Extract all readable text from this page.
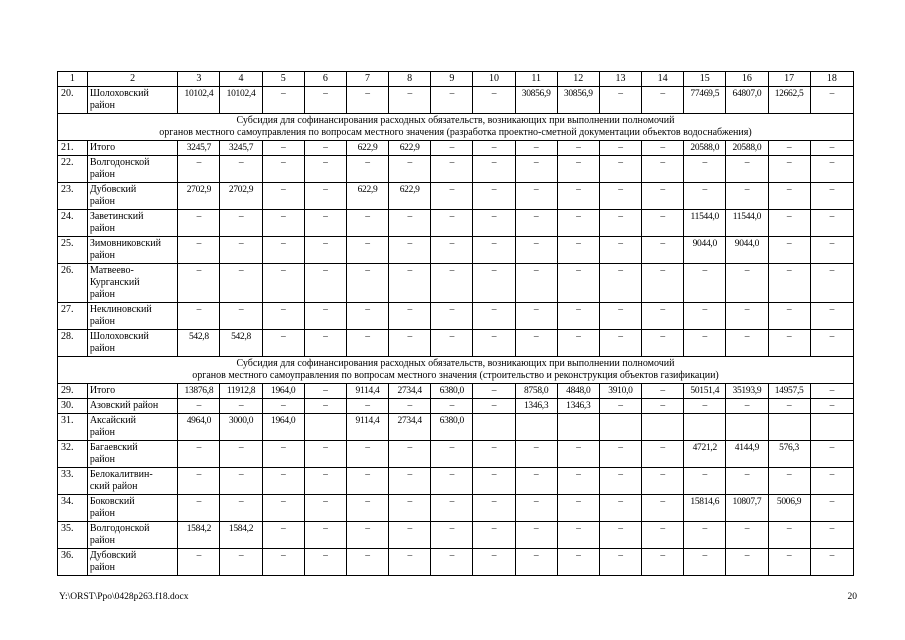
1	2	3	4	5	6	7	8	9	10	11	12	13	14	15	16	17	18
20.	Шолоховский
район	10102,4	10102,4	–	–	–	–	–	–	30856,9	30856,9	–	–	77469,5	64807,0	12662,5	–

Субсидия для софинансирования расходных обязательств, возникающих при выполнении полномочий
органов местного самоуправления по вопросам местного значения (разработка проектно-сметной документации объектов водоснабжения)																	

21.	Итого	3245,7	3245,7	–	–	622,9	622,9	–	–	–	–	–	–	20588,0	20588,0	–	–
22.	Волгодонской
район	–	–	–	–	–	–	–	–	–	–	–	–	–	–	–	–
23.	Дубовский
район	2702,9	2702,9	–	–	622,9	622,9	–	–	–	–	–	–	–	–	–	–
24.	Заветинский
район	–	–	–	–	–	–	–	–	–	–	–	–	11544,0	11544,0	–	–
25.	Зимовниковский
район	–	–	–	–	–	–	–	–	–	–	–	–	9044,0	9044,0	–	–
26.	Матвеево-
Курганский
район	–	–	–	–	–	–	–	–	–	–	–	–	–	–	–	–
27.	Неклиновский
район	–	–	–	–	–	–	–	–	–	–	–	–	–	–	–	–
28.	Шолоховский
район	542,8	542,8	–	–	–	–	–	–	–	–	–	–	–	–	–	–

Субсидия для софинансирования расходных обязательств, возникающих при выполнении полномочий
органов местного самоуправления по вопросам местного значения (строительство и реконструкция объектов газификации)																	

29.	Итого	13876,8	11912,8	1964,0	–	9114,4	2734,4	6380,0	–	8758,0	4848,0	3910,0	–	50151,4	35193,9	14957,5	–
30.	Азовский район	–	–	–	–	–	–	–	–	1346,3	1346,3	–	–	–	–	–	–
31.	Аксайский
район	4964,0	3000,0	1964,0		9114,4	2734,4	6380,0									
32.	Багаевский
район	–	–	–	–	–	–	–	–	–	–	–	–	4721,2	4144,9	576,3	–
33.	Белокалитвин-
ский район	–	–	–	–	–	–	–	–	–	–	–	–	–	–	–	–
34.	Боковский
район	–	–	–	–	–	–	–	–	–	–	–	–	15814,6	10807,7	5006,9	–
35.	Волгодонской
район	1584,2	1584,2	–	–	–	–	–	–	–	–	–	–	–	–	–	–
36.	Дубовский
район	–	–	–	–	–	–	–	–	–	–	–	–	–	–	–	–
Y:\ORST\Ppo\0428p263.f18.docx	20
